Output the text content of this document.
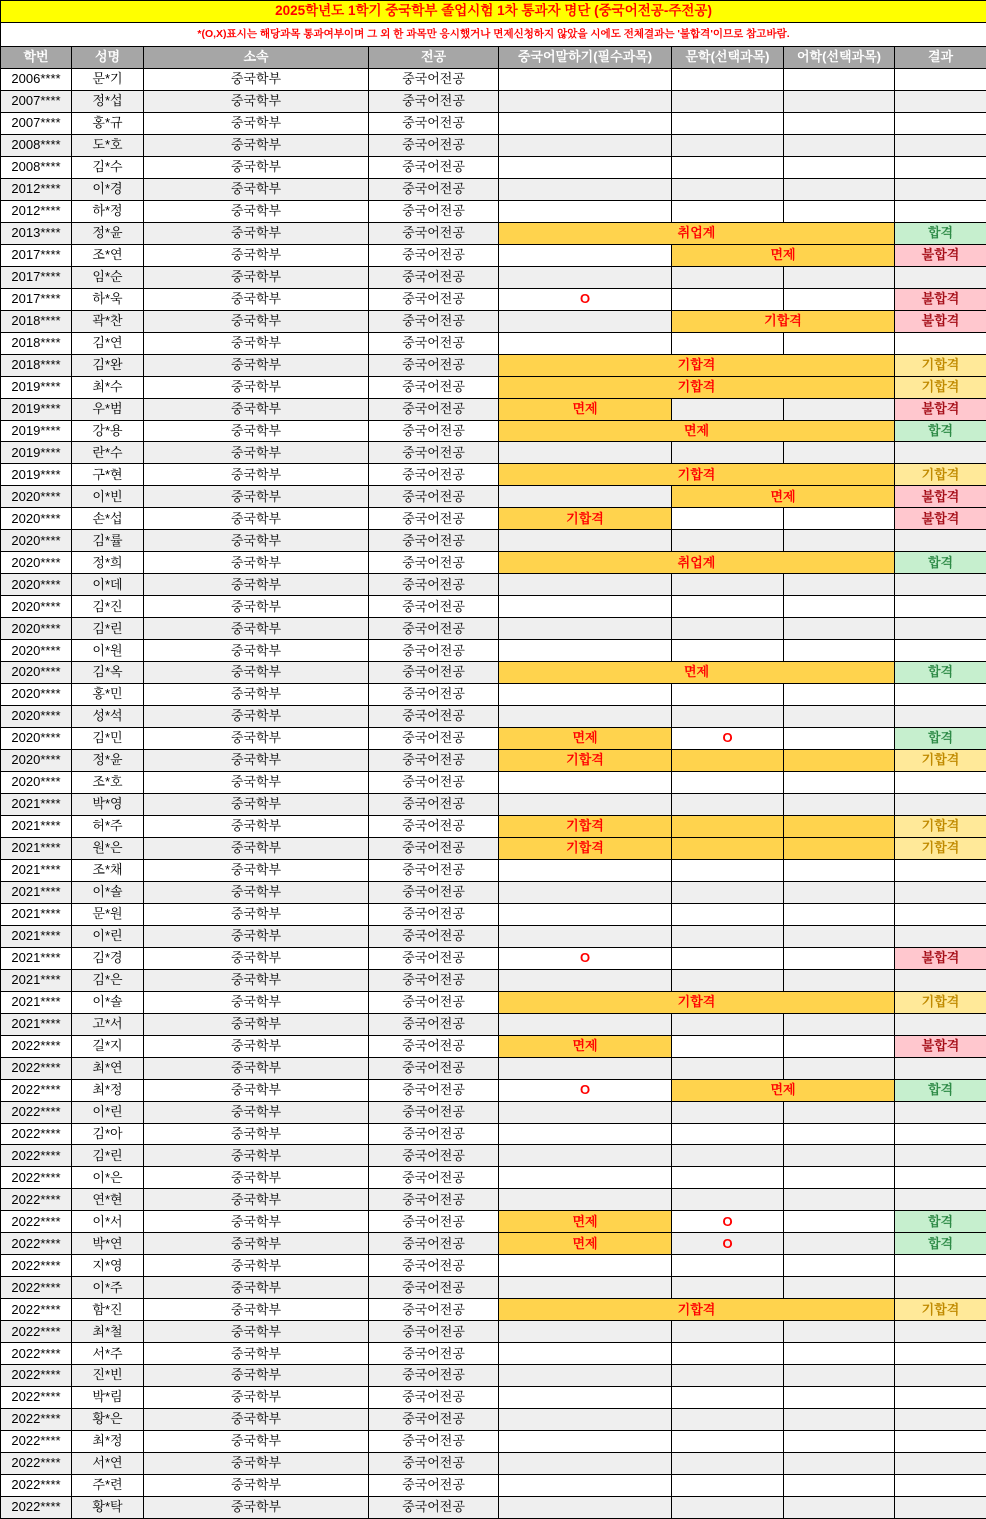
2025학년도 1학기 중국학부 졸업시험 1차 통과자 명단 (중국어전공-주전공)							
*(O,X)표시는 해당과목 통과여부이며 그 외 한 과목만 응시했거나 면제신청하지 않았을 시에도 전체결과는 '불합격'이므로 참고바람.							
학번	성명	소속	전공	중국어말하기(필수과목)	문학(선택과목)	어학(선택과목)	결과
2006****	문*기	중국학부	중국어전공				
2007****	정*섭	중국학부	중국어전공				
2007****	홍*규	중국학부	중국어전공				
2008****	도*호	중국학부	중국어전공				
2008****	김*수	중국학부	중국어전공				
2012****	이*경	중국학부	중국어전공				
2012****	하*정	중국학부	중국어전공				
2013****	정*윤	중국학부	중국어전공	취업계			합격
2017****	조*연	중국학부	중국어전공		면제		불합격
2017****	임*순	중국학부	중국어전공				
2017****	하*욱	중국학부	중국어전공	O			불합격
2018****	곽*찬	중국학부	중국어전공		기합격		불합격
2018****	김*연	중국학부	중국어전공				
2018****	김*완	중국학부	중국어전공	기합격			기합격
2019****	최*수	중국학부	중국어전공	기합격			기합격
2019****	우*범	중국학부	중국어전공	면제			불합격
2019****	강*용	중국학부	중국어전공	면제			합격
2019****	란*수	중국학부	중국어전공				
2019****	구*현	중국학부	중국어전공	기합격			기합격
2020****	이*빈	중국학부	중국어전공		면제		불합격
2020****	손*섭	중국학부	중국어전공	기합격			불합격
2020****	김*률	중국학부	중국어전공				
2020****	정*희	중국학부	중국어전공	취업계			합격
2020****	이*데	중국학부	중국어전공				
2020****	김*진	중국학부	중국어전공				
2020****	김*린	중국학부	중국어전공				
2020****	이*원	중국학부	중국어전공				
2020****	김*옥	중국학부	중국어전공	면제			합격
2020****	홍*민	중국학부	중국어전공				
2020****	성*석	중국학부	중국어전공				
2020****	김*민	중국학부	중국어전공	면제	O		합격
2020****	정*윤	중국학부	중국어전공	기합격			기합격
2020****	조*호	중국학부	중국어전공				
2021****	박*영	중국학부	중국어전공				
2021****	허*주	중국학부	중국어전공	기합격			기합격
2021****	원*은	중국학부	중국어전공	기합격			기합격
2021****	조*채	중국학부	중국어전공				
2021****	이*솔	중국학부	중국어전공				
2021****	문*원	중국학부	중국어전공				
2021****	이*린	중국학부	중국어전공				
2021****	김*경	중국학부	중국어전공	O			불합격
2021****	김*은	중국학부	중국어전공				
2021****	이*솔	중국학부	중국어전공	기합격			기합격
2021****	고*서	중국학부	중국어전공				
2022****	길*지	중국학부	중국어전공	면제			불합격
2022****	최*연	중국학부	중국어전공				
2022****	최*정	중국학부	중국어전공	O	면제		합격
2022****	이*린	중국학부	중국어전공				
2022****	김*아	중국학부	중국어전공				
2022****	김*린	중국학부	중국어전공				
2022****	이*은	중국학부	중국어전공				
2022****	연*현	중국학부	중국어전공				
2022****	이*서	중국학부	중국어전공	면제	O		합격
2022****	박*연	중국학부	중국어전공	면제	O		합격
2022****	지*영	중국학부	중국어전공				
2022****	이*주	중국학부	중국어전공				
2022****	함*진	중국학부	중국어전공	기합격			기합격
2022****	최*철	중국학부	중국어전공				
2022****	서*주	중국학부	중국어전공				
2022****	진*빈	중국학부	중국어전공				
2022****	박*림	중국학부	중국어전공				
2022****	황*은	중국학부	중국어전공				
2022****	최*정	중국학부	중국어전공				
2022****	서*연	중국학부	중국어전공				
2022****	주*련	중국학부	중국어전공				
2022****	황*탁	중국학부	중국어전공				
